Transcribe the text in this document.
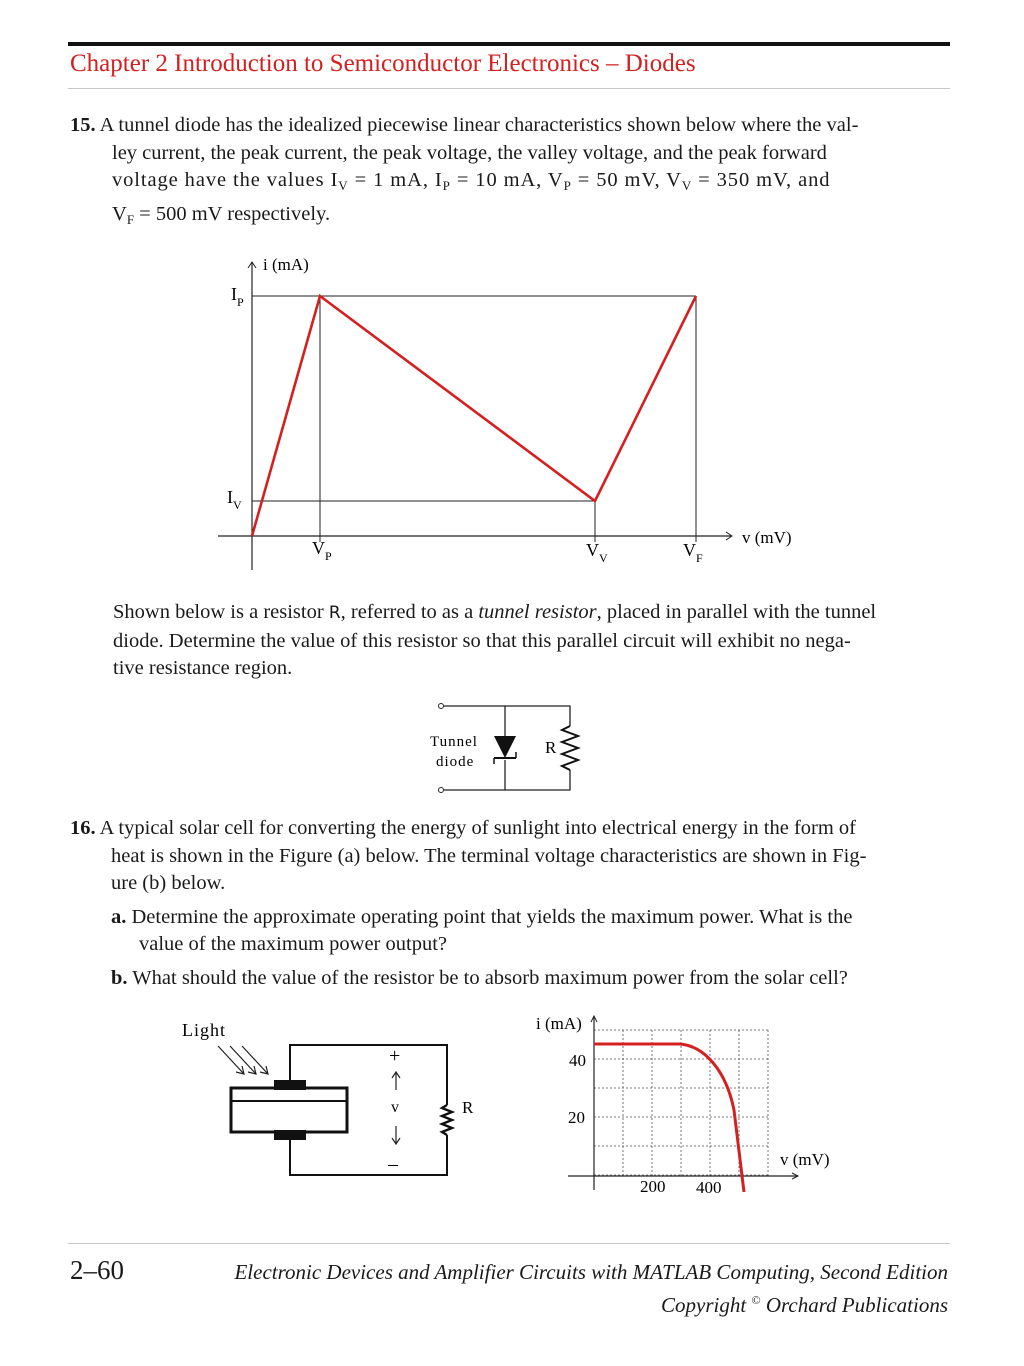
Chapter 2 Introduction to Semiconductor Electronics – Diodes
15. A tunnel diode has the idealized piecewise linear characteristics shown below where the val-
ley current, the peak current, the peak voltage, the valley voltage, and the peak forward
voltage have the values $I_V = 1$ mA, $I_P = 10$ mA, $V_P = 50$ mV, $V_V = 350$ mV, and
$V_F = 500$ mV respectively.
i (mA)
v (mV)
I P
I V
V P	V V	V F
Shown below is a resistor R, referred to as a tunnel resistor, placed in parallel with the tunnel
diode. Determine the value of this resistor so that this parallel circuit will exhibit no nega-
tive resistance region.
Tunnel
diode
R
16. A typical solar cell for converting the energy of sunlight into electrical energy in the form of
heat is shown in the Figure (a) below. The terminal voltage characteristics are shown in Fig-
ure (b) below.
a. Determine the approximate operating point that yields the maximum power. What is the
value of the maximum power output?
b. What should the value of the resistor be to absorb maximum power from the solar cell?
Light
R
+
v
–
i (mA)
v (mV)
40
20
200 400
2–60	Electronic Devices and Amplifier Circuits with MATLAB Computing, Second Edition
Copyright © Orchard Publications
